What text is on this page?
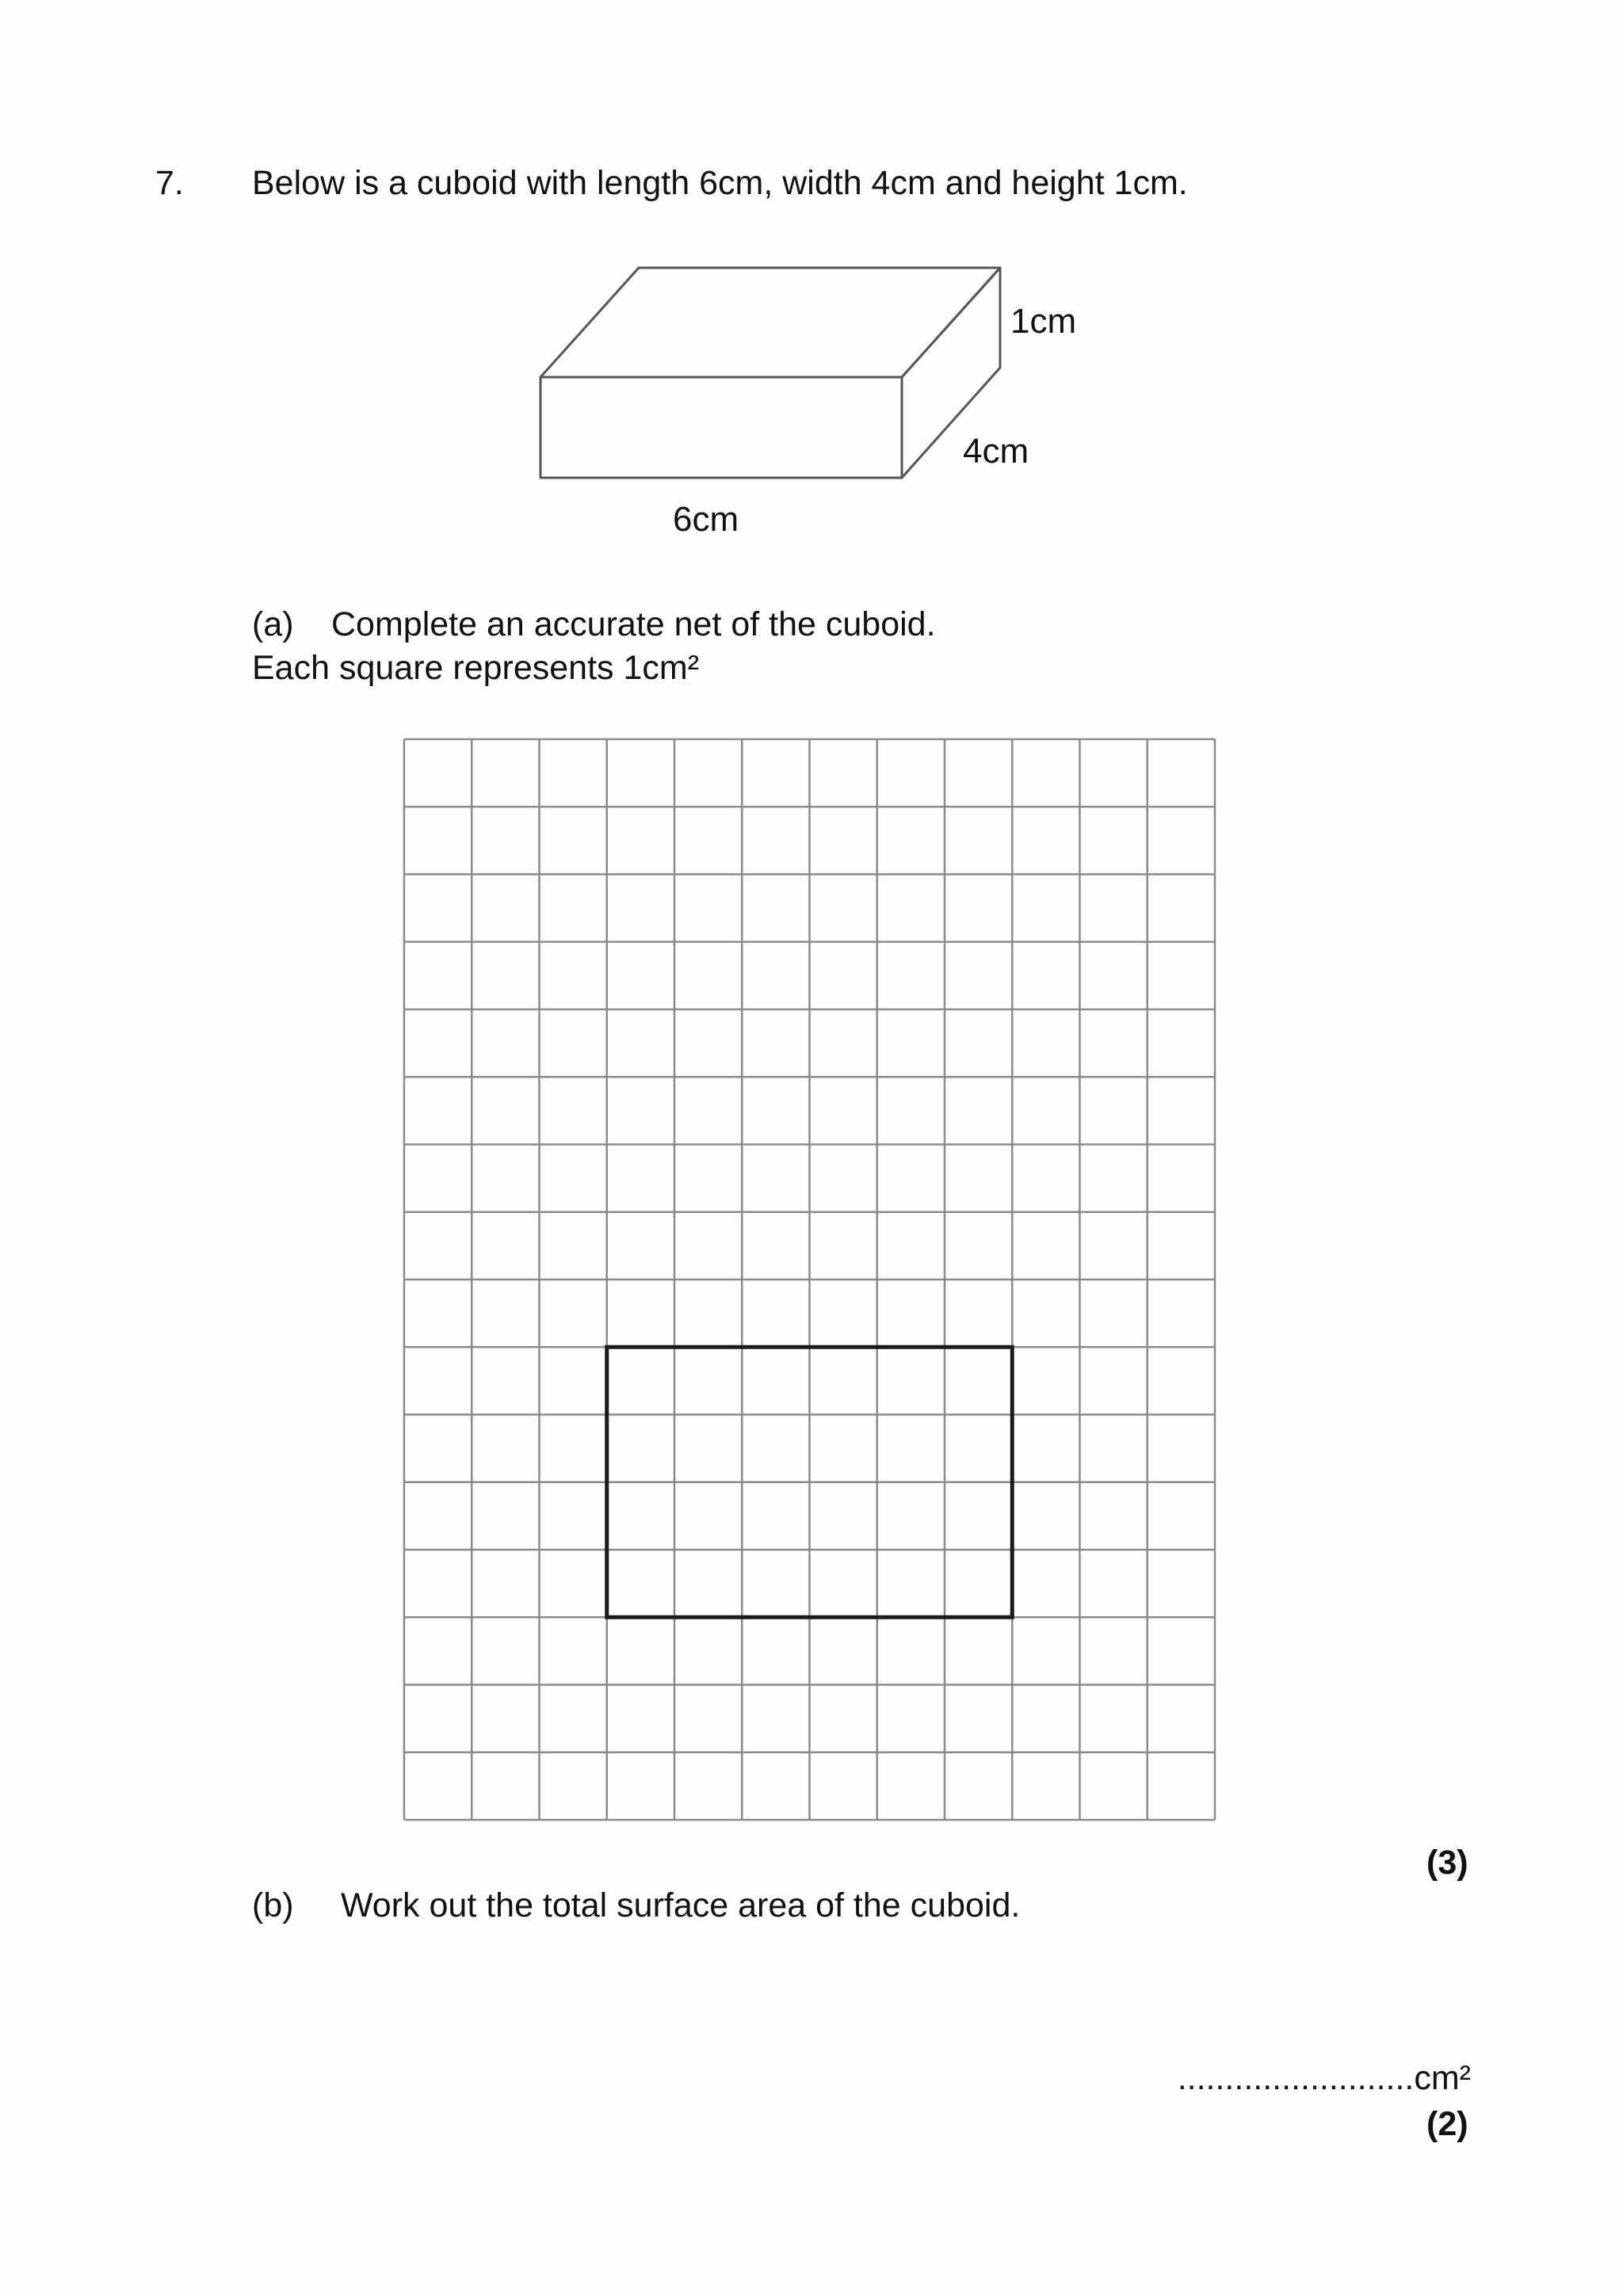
7. Below is a cuboid with length 6cm, width 4cm and height 1cm.
1cm
4cm
6cm
(a) Complete an accurate net of the cuboid.
Each square represents 1cm²
(3)
(b) Work out the total surface area of the cuboid.
.........................cm²
(2)
